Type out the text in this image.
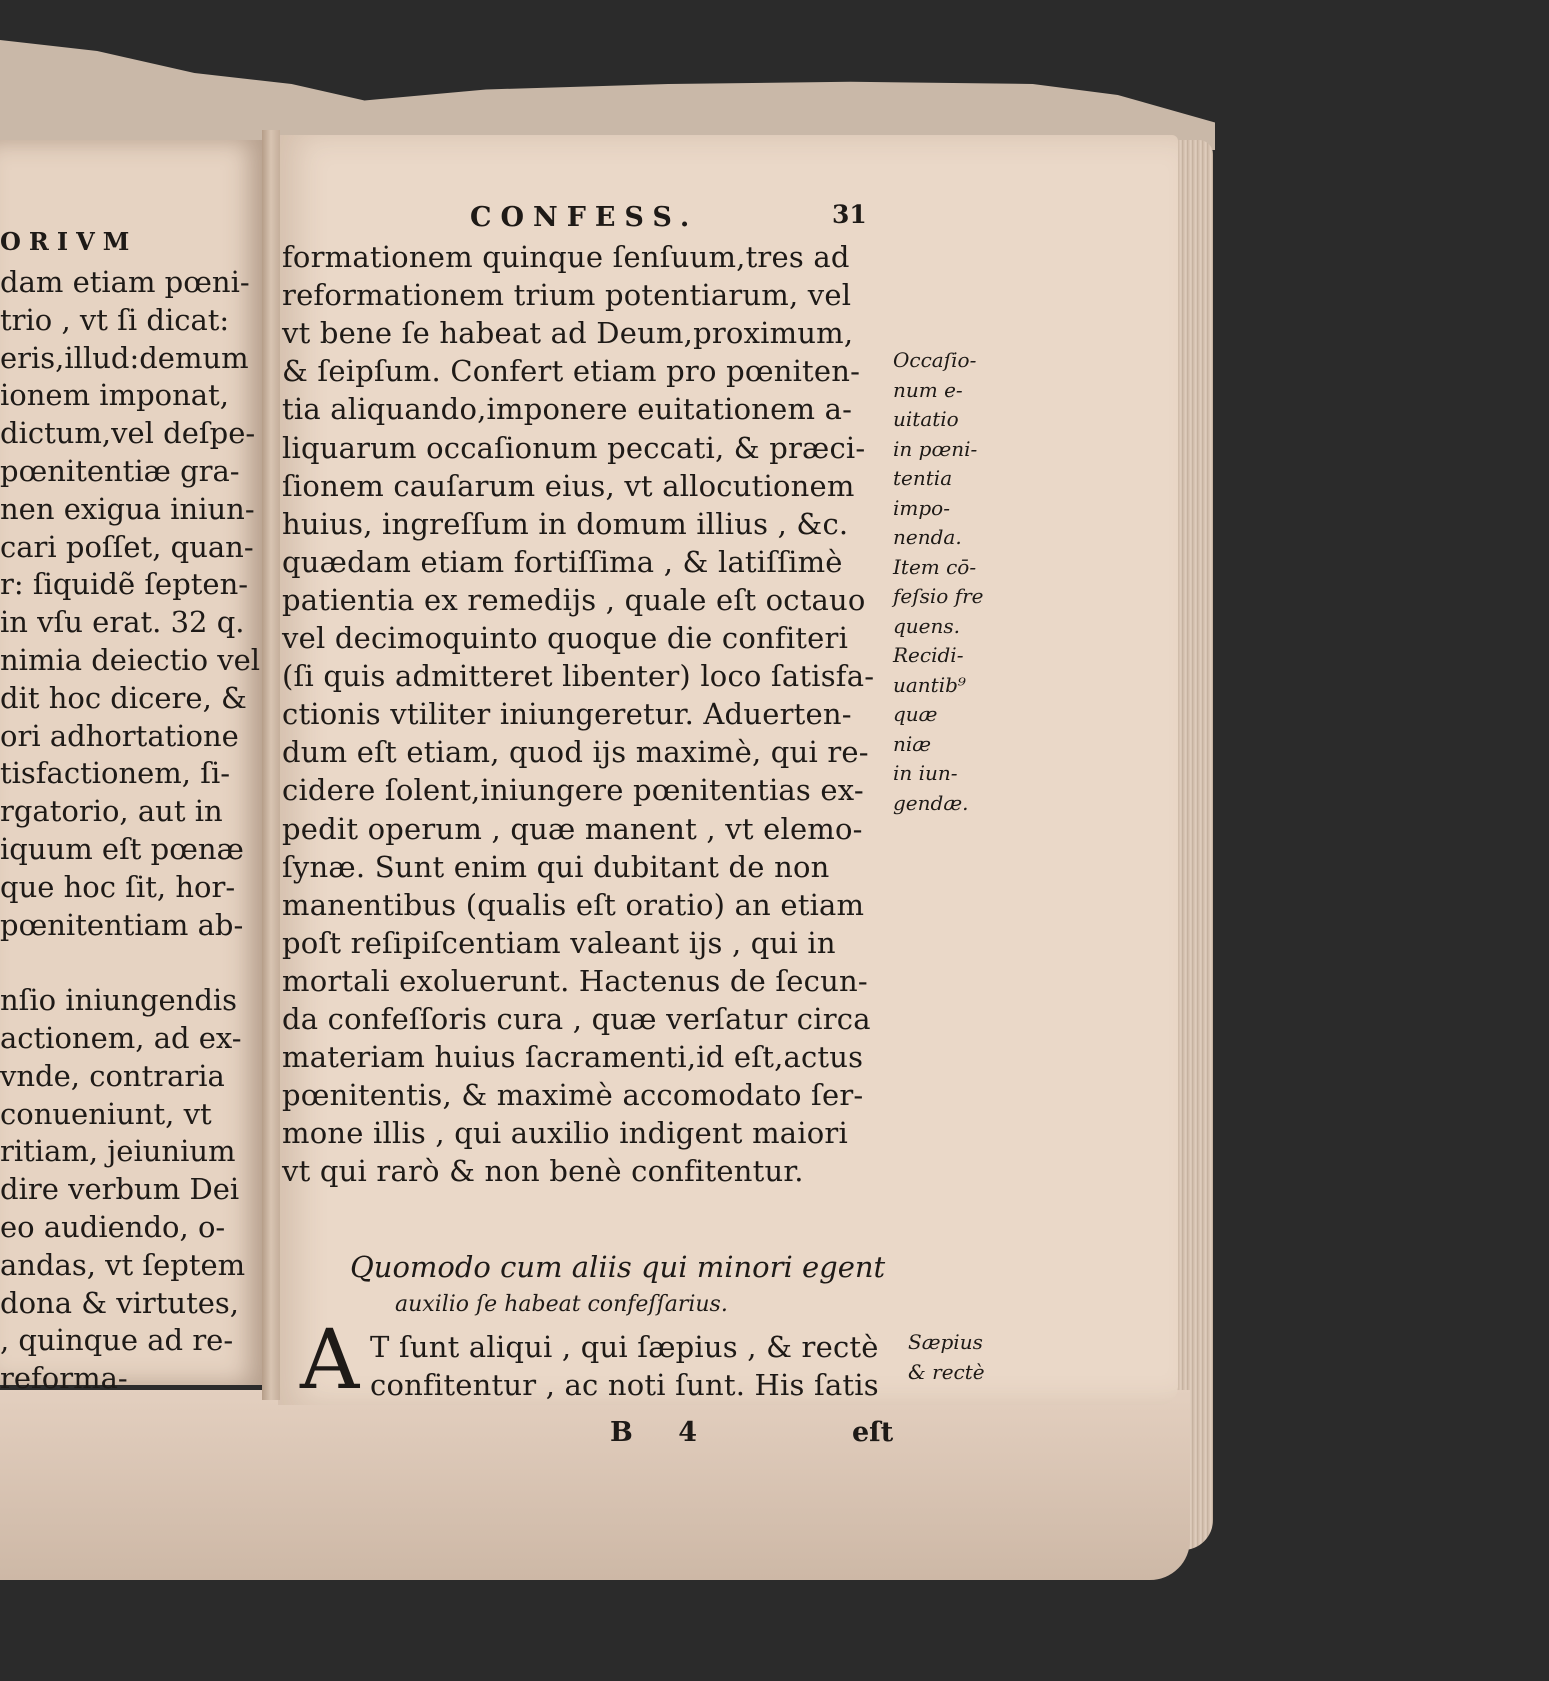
ORIVM
dam etiam pœni-
trio , vt ſi dicat:
eris,illud:demum
ionem imponat,
dictum,vel deſpe-
pœnitentiæ gra-
nen exigua iniun-
cari poſſet, quan-
r: ſiquidẽ ſepten-
in vſu erat. 32 q.
nimia deiectio vel
dit hoc dicere, &
ori adhortatione
tisfactionem, ſi-
rgatorio, aut in
iquum eſt pœnæ
que hoc ſit, hor-
pœnitentiam ab-
nſio iniungendis
actionem, ad ex-
vnde, contraria
conueniunt, vt
ritiam, jeiunium
dire verbum Dei
eo audiendo, o-
andas, vt ſeptem
dona & virtutes,
, quinque ad re-
reforma-
CONFESS.	31
formationem quinque ſenſuum,tres ad
reformationem trium potentiarum, vel
vt bene ſe habeat ad Deum,proximum,
& ſeipſum. Confert etiam pro pœniten-
tia aliquando,imponere euitationem a-
liquarum occaſionum peccati, & præci-
ſionem cauſarum eius, vt allocutionem
huius, ingreſſum in domum illius , &c.
quædam etiam fortiſſima , & latiſſimè
patientia ex remedijs , quale eſt octauo
vel decimoquinto quoque die confiteri
(ſi quis admitteret libenter) loco ſatisfa-
ctionis vtiliter iniungeretur. Aduerten-
dum eſt etiam, quod ijs maximè, qui re-
cidere ſolent,iniungere pœnitentias ex-
pedit operum , quæ manent , vt elemo-
ſynæ. Sunt enim qui dubitant de non
manentibus (qualis eſt oratio) an etiam
poſt reſipiſcentiam valeant ijs , qui in
mortali exoluerunt. Hactenus de ſecun-
da confeſſoris cura , quæ verſatur circa
materiam huius ſacramenti,id eſt,actus
pœnitentis, & maximè accomodato ſer-
mone illis , qui auxilio indigent maiori
vt qui rarò & non benè confitentur.
Occaſio-
num e-
uitatio
in pœni-
tentia
impo-
nenda.
Item cō-
feſsio fre
quens.
Recidi-
uantib⁹
quæ
niæ
in iun-
gendæ.
Quomodo cum aliis qui minori egent
auxilio ſe habeat confeſſarius.
A T ſunt aliqui , qui ſæpius , & rectè
confitentur , ac noti ſunt. His ſatis
Sæpius
& rectè
B 4	eſt
